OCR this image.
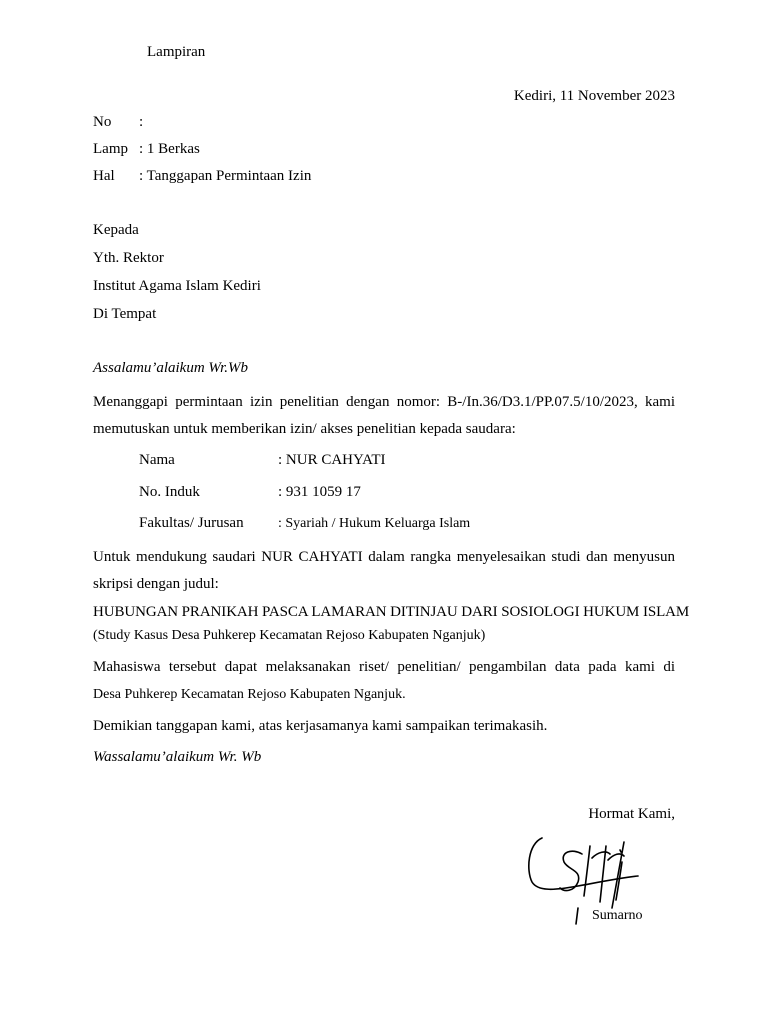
Lampiran
Kediri, 11 November 2023
No :
Lamp : 1 Berkas
Hal : Tanggapan Permintaan Izin
Kepada
Yth. Rektor
Institut Agama Islam Kediri
Di Tempat
Assalamu’alaikum Wr.Wb
Menanggapi permintaan izin penelitian dengan nomor: B-/In.36/D3.1/PP.07.5/10/2023, kami memutuskan untuk memberikan izin/ akses penelitian kepada saudara:
Nama	: NUR CAHYATI
No. Induk	: 931 1059 17
Fakultas/ Jurusan : Syariah / Hukum Keluarga Islam
Untuk mendukung saudari NUR CAHYATI dalam rangka menyelesaikan studi dan menyusun skripsi dengan judul:
HUBUNGAN PRANIKAH PASCA LAMARAN DITINJAU DARI SOSIOLOGI HUKUM ISLAM
(Study Kasus Desa Puhkerep Kecamatan Rejoso Kabupaten Nganjuk)
Mahasiswa tersebut dapat melaksanakan riset/ penelitian/ pengambilan data pada kami di
Desa Puhkerep Kecamatan Rejoso Kabupaten Nganjuk.
Demikian tanggapan kami, atas kerjasamanya kami sampaikan terimakasih.
Wassalamu’alaikum Wr. Wb
Hormat Kami,
Sumarno
